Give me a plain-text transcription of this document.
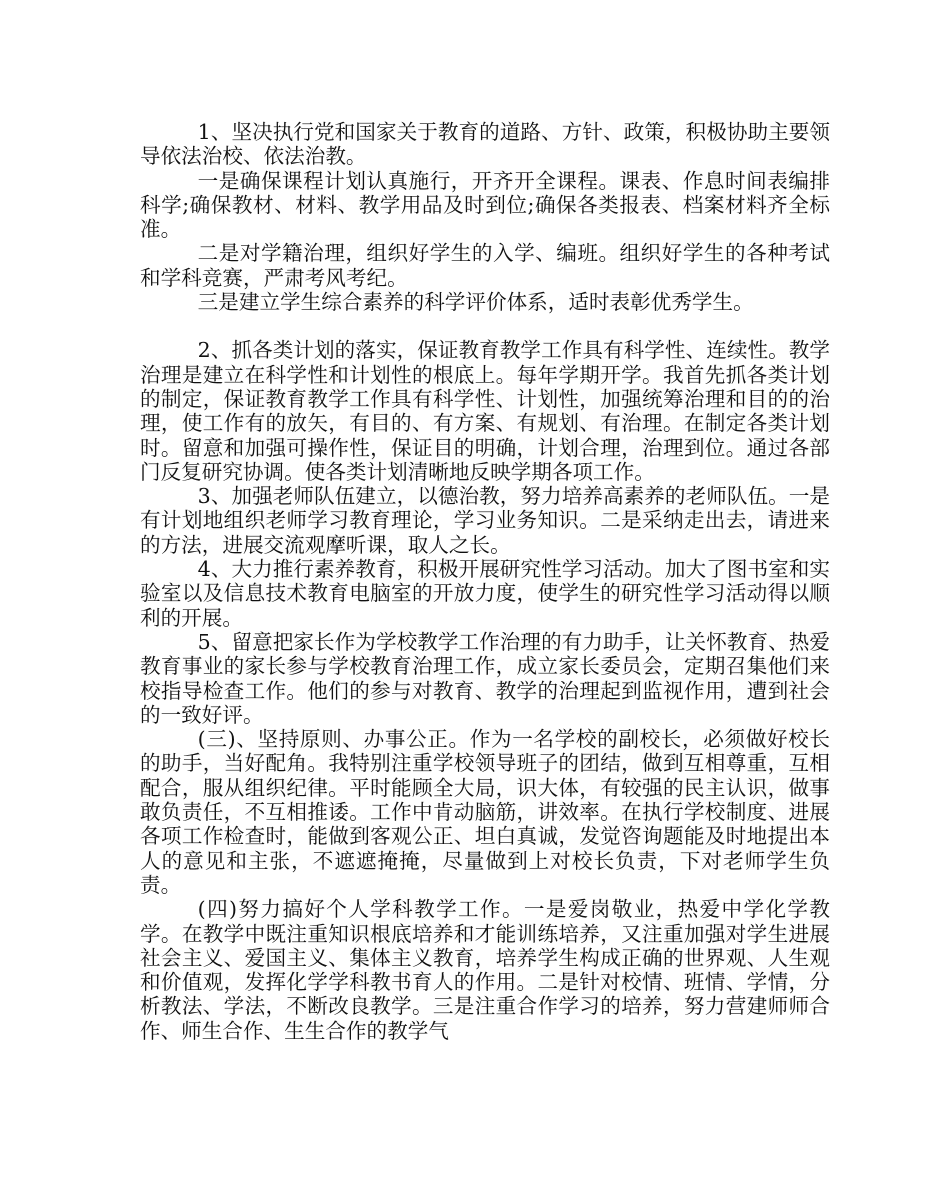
1、坚决执行党和国家关于教育的道路、方针、政策，积极协助主要领导依法治校、依法治教。

一是确保课程计划认真施行，开齐开全课程。课表、作息时间表编排科学;确保教材、材料、教学用品及时到位;确保各类报表、档案材料齐全标准。

二是对学籍治理，组织好学生的入学、编班。组织好学生的各种考试和学科竞赛，严肃考风考纪。

三是建立学生综合素养的科学评价体系，适时表彰优秀学生。

2、抓各类计划的落实，保证教育教学工作具有科学性、连续性。教学治理是建立在科学性和计划性的根底上。每年学期开学。我首先抓各类计划的制定，保证教育教学工作具有科学性、计划性，加强统筹治理和目的的治理，使工作有的放矢，有目的、有方案、有规划、有治理。在制定各类计划时。留意和加强可操作性，保证目的明确，计划合理，治理到位。通过各部门反复研究协调。使各类计划清晰地反映学期各项工作。

3、加强老师队伍建立，以德治教，努力培养高素养的老师队伍。一是有计划地组织老师学习教育理论，学习业务知识。二是采纳走出去，请进来的方法，进展交流观摩听课，取人之长。

4、大力推行素养教育，积极开展研究性学习活动。加大了图书室和实验室以及信息技术教育电脑室的开放力度，使学生的研究性学习活动得以顺利的开展。

5、留意把家长作为学校教学工作治理的有力助手，让关怀教育、热爱教育事业的家长参与学校教育治理工作，成立家长委员会，定期召集他们来校指导检查工作。他们的参与对教育、教学的治理起到监视作用，遭到社会的一致好评。

(三)、坚持原则、办事公正。作为一名学校的副校长，必须做好校长的助手，当好配角。我特别注重学校领导班子的团结，做到互相尊重，互相配合，服从组织纪律。平时能顾全大局，识大体，有较强的民主认识，做事敢负责任，不互相推诿。工作中肯动脑筋，讲效率。在执行学校制度、进展各项工作检查时，能做到客观公正、坦白真诚，发觉咨询题能及时地提出本人的意见和主张，不遮遮掩掩，尽量做到上对校长负责，下对老师学生负责。

(四)努力搞好个人学科教学工作。一是爱岗敬业，热爱中学化学教学。在教学中既注重知识根底培养和才能训练培养，又注重加强对学生进展社会主义、爱国主义、集体主义教育，培养学生构成正确的世界观、人生观和价值观，发挥化学学科教书育人的作用。二是针对校情、班情、学情，分析教法、学法，不断改良教学。三是注重合作学习的培养，努力营建师师合作、师生合作、生生合作的教学气
